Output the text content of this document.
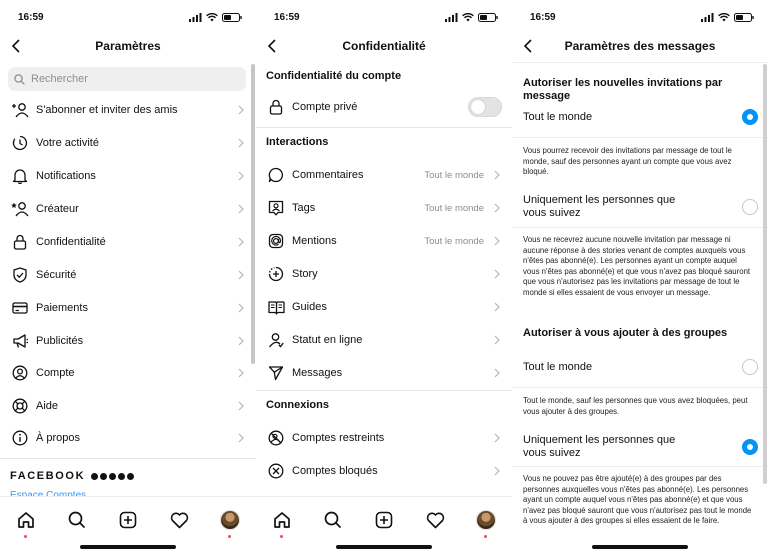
16:59
Paramètres
Rechercher
S'abonner et inviter des amis
Votre activité
Notifications
Créateur
Confidentialité
Sécurité
Paiements
Publicités
Compte
Aide
À propos
FACEBOOK
16:59
Confidentialité
Confidentialité du compte
Compte privé
Interactions
Commentaires	Tout le monde
Tags	Tout le monde
Mentions	Tout le monde
Story
Guides
Statut en ligne
Messages
Connexions
Comptes restreints
Comptes bloqués
16:59
Paramètres des messages
Autoriser les nouvelles invitations par message
Tout le monde
Vous pourrez recevoir des invitations par message de tout le monde, sauf des personnes ayant un compte que vous avez bloqué.
Uniquement les personnes que vous suivez
Vous ne recevrez aucune nouvelle invitation par message ni aucune réponse à des stories venant de comptes auxquels vous n'êtes pas abonné(e). Les personnes ayant un compte auquel vous n'êtes pas abonné(e) et que vous n'avez pas bloqué sauront que vous n'autorisez pas les invitations par message de tout le monde si elles essaient de vous envoyer un message.
Autoriser à vous ajouter à des groupes
Tout le monde
Tout le monde, sauf les personnes que vous avez bloquées, peut vous ajouter à des groupes.
Uniquement les personnes que vous suivez
Vous ne pouvez pas être ajouté(e) à des groupes par des personnes auxquelles vous n'êtes pas abonné(e). Les personnes ayant un compte auquel vous n'êtes pas abonné(e) et que vous n'avez pas bloqué sauront que vous n'autorisez pas tout le monde à vous ajouter à des groupes si elles essaient de le faire.
